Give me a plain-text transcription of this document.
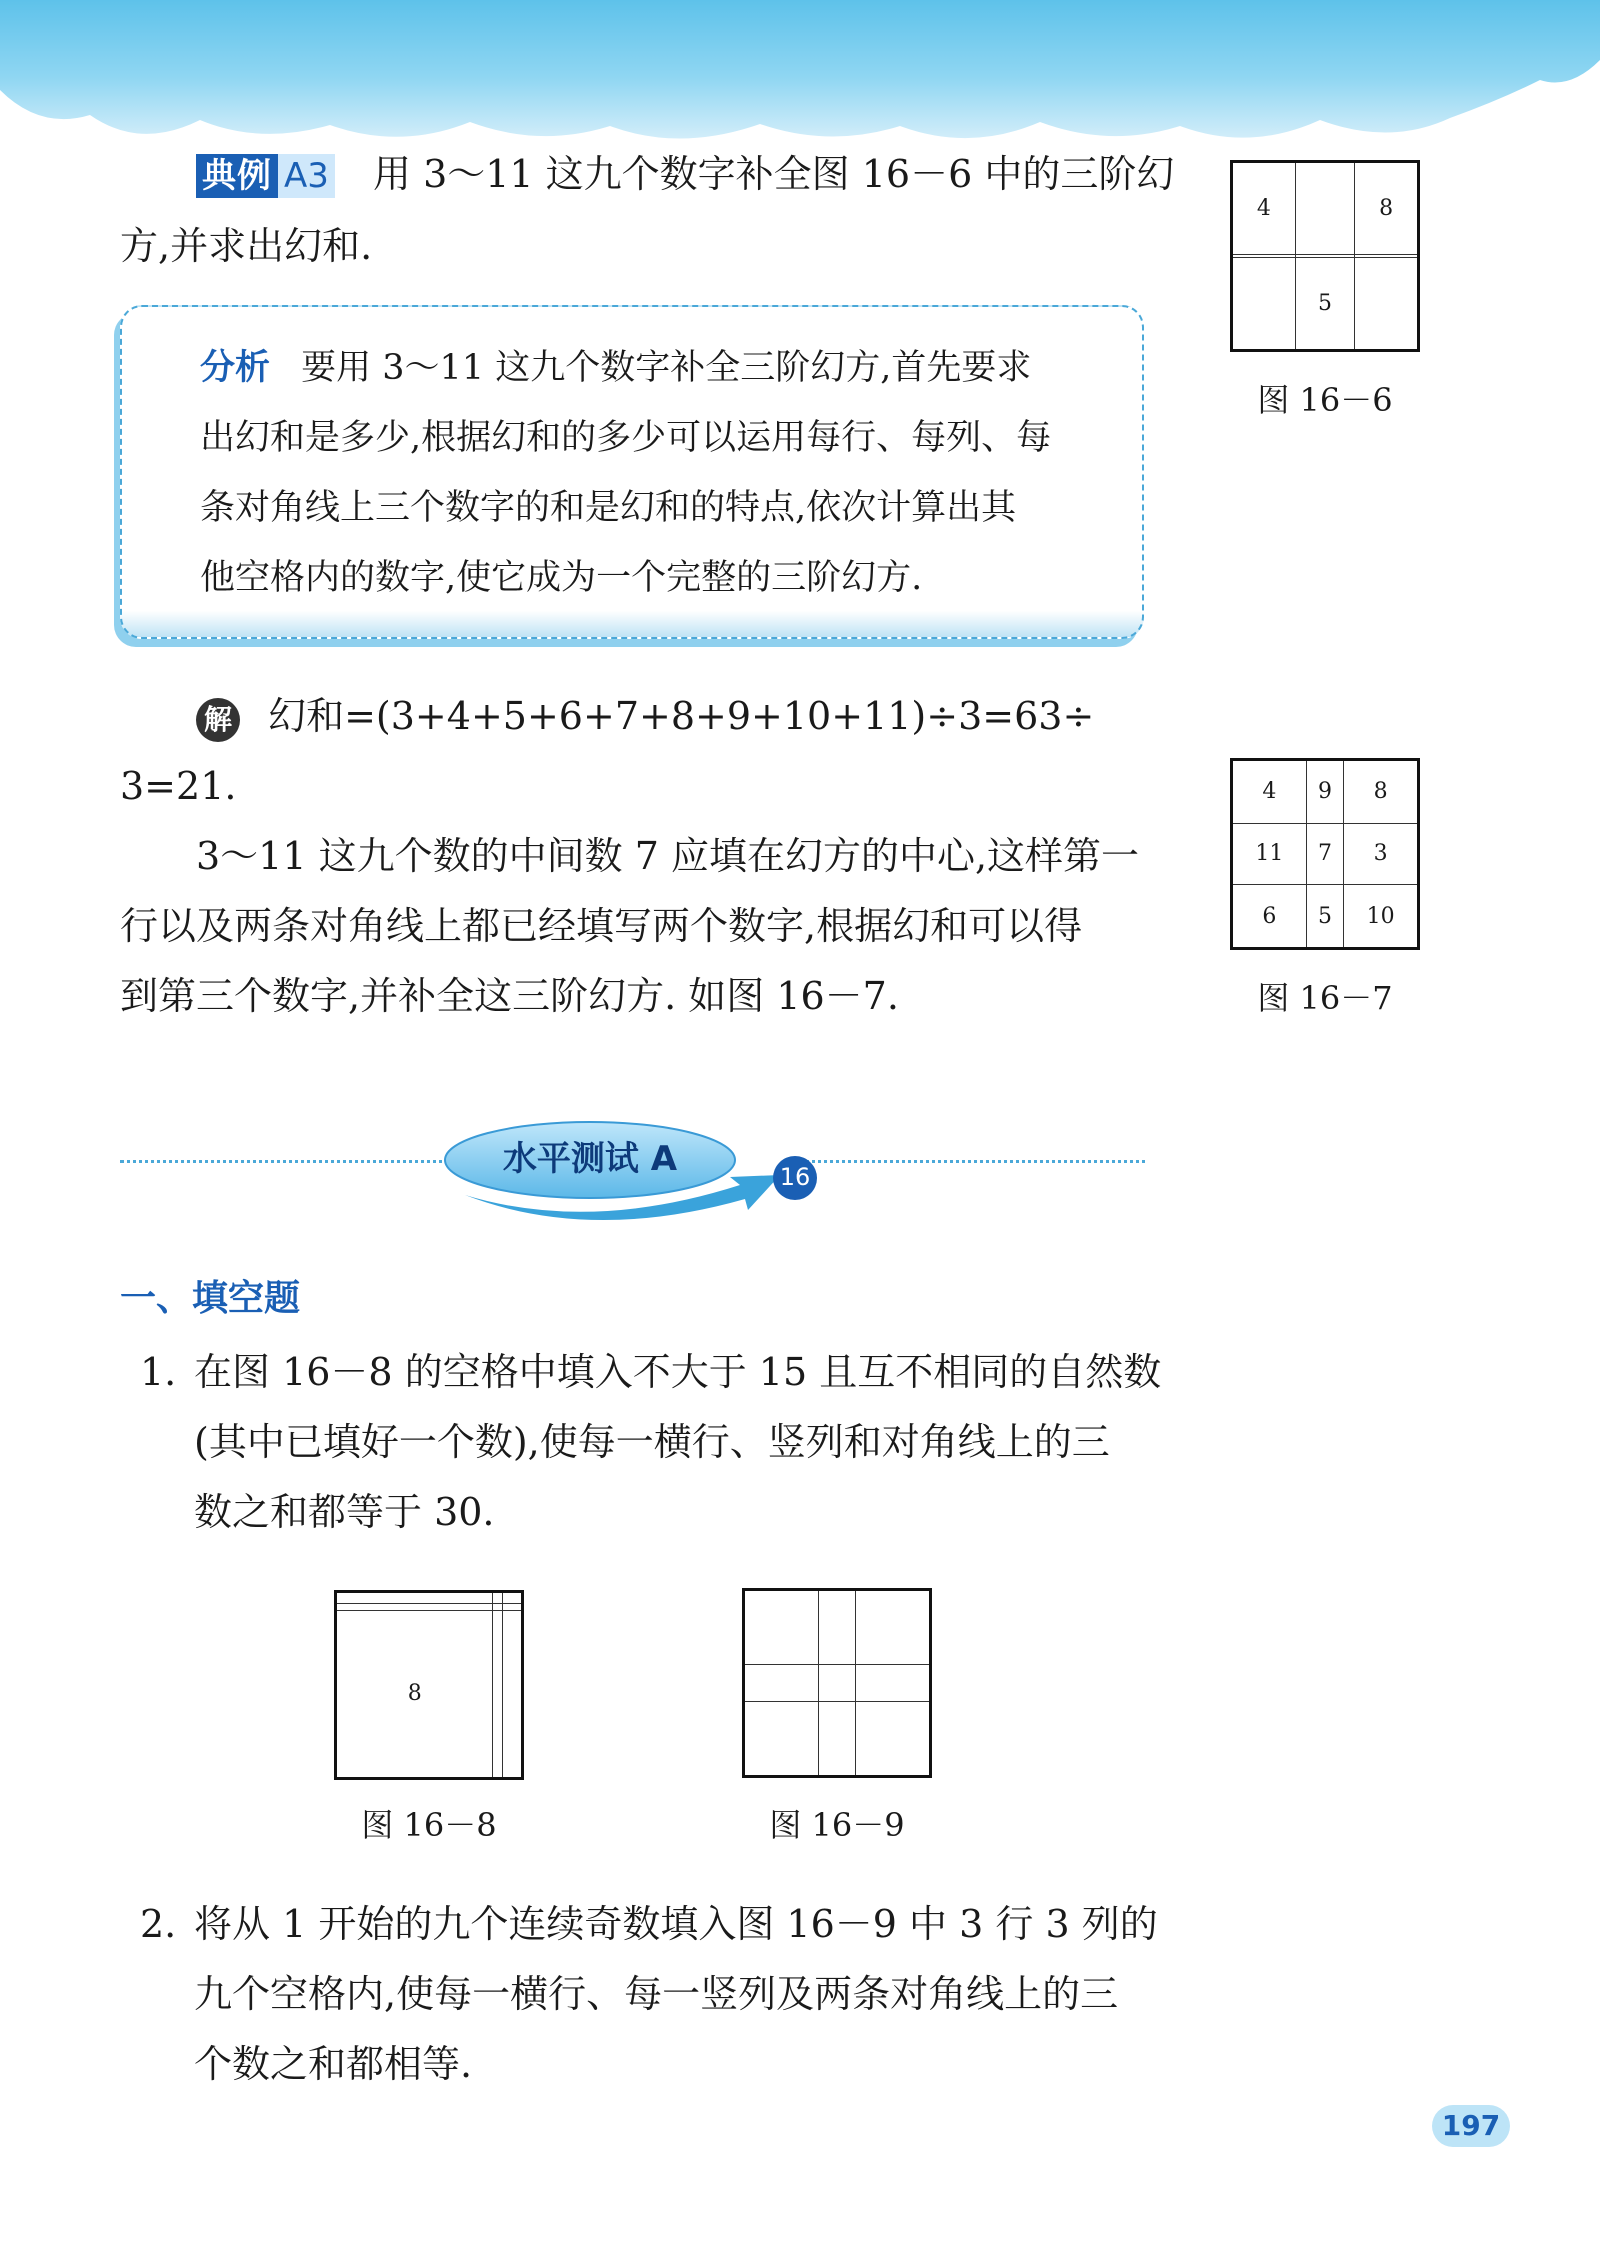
典例 A3 用 3～11 这九个数字补全图 16－6 中的三阶幻
方,并求出幻和.
分析 要用 3～11 这九个数字补全三阶幻方,首先要求
出幻和是多少,根据幻和的多少可以运用每行、每列、每
条对角线上三个数字的和是幻和的特点,依次计算出其
他空格内的数字,使它成为一个完整的三阶幻方.
解 幻和=(3+4+5+6+7+8+9+10+11)÷3=63÷
3=21.
3～11 这九个数的中间数 7 应填在幻方的中心,这样第一
行以及两条对角线上都已经填写两个数字,根据幻和可以得
到第三个数字,并补全这三阶幻方. 如图 16－7.
4		8

	5	
图 16－6
4	9	8
11	7	3
6	5	10
图 16－7
水平测试 A	16
一、填空题
1. 在图 16－8 的空格中填入不大于 15 且互不相同的自然数
(其中已填好一个数),使每一横行、竖列和对角线上的三
数之和都等于 30.

8		
图 16－8

			图 16－9
2. 将从 1 开始的九个连续奇数填入图 16－9 中 3 行 3 列的
九个空格内,使每一横行、每一竖列及两条对角线上的三
个数之和都相等.
197
